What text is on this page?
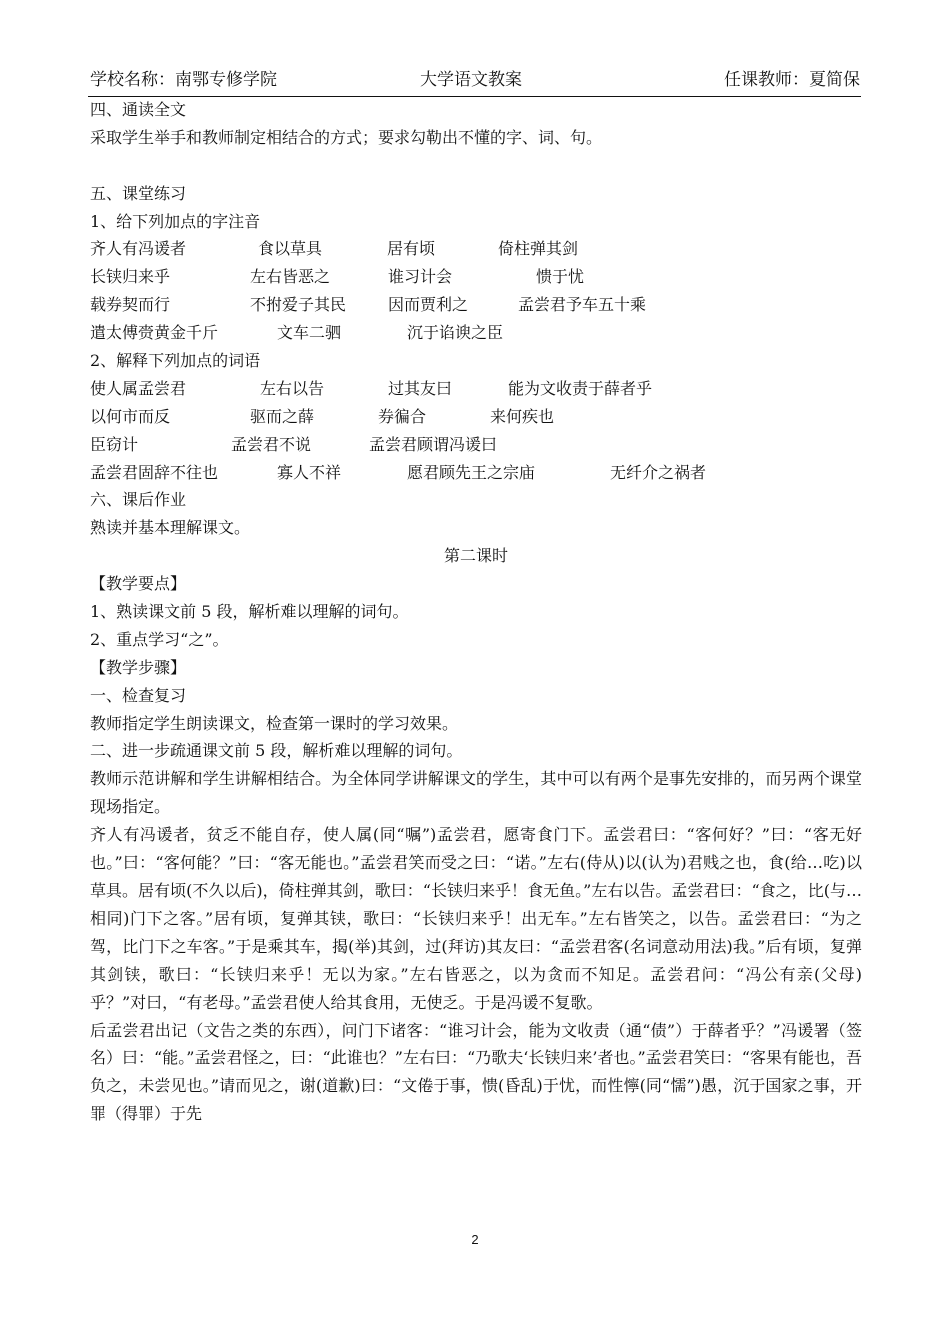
学校名称：南鄂专修学院	大学语文教案	任课教师：夏简保
四、通读全文
采取学生举手和教师制定相结合的方式；要求勾勒出不懂的字、词、句。
五、课堂练习
1、给下列加点的字注音
齐人有冯谖者	食以草具	居有顷	倚柱弹其剑
长铗归来乎	左右皆恶之	谁习计会	愦于忧
载券契而行	不拊爱子其民	因而贾利之	孟尝君予车五十乘
遣太傅赍黄金千斤	文车二驷	沉于谄谀之臣
2、解释下列加点的词语
使人属孟尝君	左右以告	过其友曰	能为文收责于薛者乎
以何市而反	驱而之薛	券徧合	来何疾也
臣窃计	孟尝君不说	孟尝君顾谓冯谖曰
孟尝君固辞不往也	寡人不祥	愿君顾先王之宗庙	无纤介之祸者
六、课后作业
熟读并基本理解课文。
第二课时
【教学要点】
1、熟读课文前 5 段，解析难以理解的词句。
2、重点学习“之”。
【教学步骤】
一、检查复习
教师指定学生朗读课文，检查第一课时的学习效果。
二、进一步疏通课文前 5 段，解析难以理解的词句。
教师示范讲解和学生讲解相结合。为全体同学讲解课文的学生，其中可以有两个是事先安排的，而另两个课堂现场指定。
齐人有冯谖者，贫乏不能自存，使人属(同“嘱”)孟尝君，愿寄食门下。孟尝君曰：“客何好？”曰：“客无好也。”曰：“客何能？”曰：“客无能也。”孟尝君笑而受之曰：“诺。”左右(侍从)以(认为)君贱之也，食(给…吃)以草具。居有顷(不久以后)，倚柱弹其剑，歌曰：“长铗归来乎！食无鱼。”左右以告。孟尝君曰：“食之，比(与…相同)门下之客。”居有顷，复弹其铗，歌曰：“长铗归来乎！出无车。”左右皆笑之，以告。孟尝君曰：“为之驾，比门下之车客。”于是乘其车，揭(举)其剑，过(拜访)其友曰：“孟尝君客(名词意动用法)我。”后有顷，复弹其剑铗，歌曰：“长铗归来乎！无以为家。”左右皆恶之，以为贪而不知足。孟尝君问：“冯公有亲(父母)乎？”对曰，“有老母。”孟尝君使人给其食用，无使乏。于是冯谖不复歌。
后孟尝君出记（文告之类的东西），问门下诸客：“谁习计会，能为文收责（通“债”）于薛者乎？”冯谖署（签名）曰：“能。”孟尝君怪之，曰：“此谁也？”左右曰：“乃歌夫‘长铗归来’者也。”孟尝君笑曰：“客果有能也，吾负之，未尝见也。”请而见之，谢(道歉)曰：“文倦于事，愦(昏乱)于忧，而性懧(同“懦”)愚，沉于国家之事，开罪（得罪）于先
2
